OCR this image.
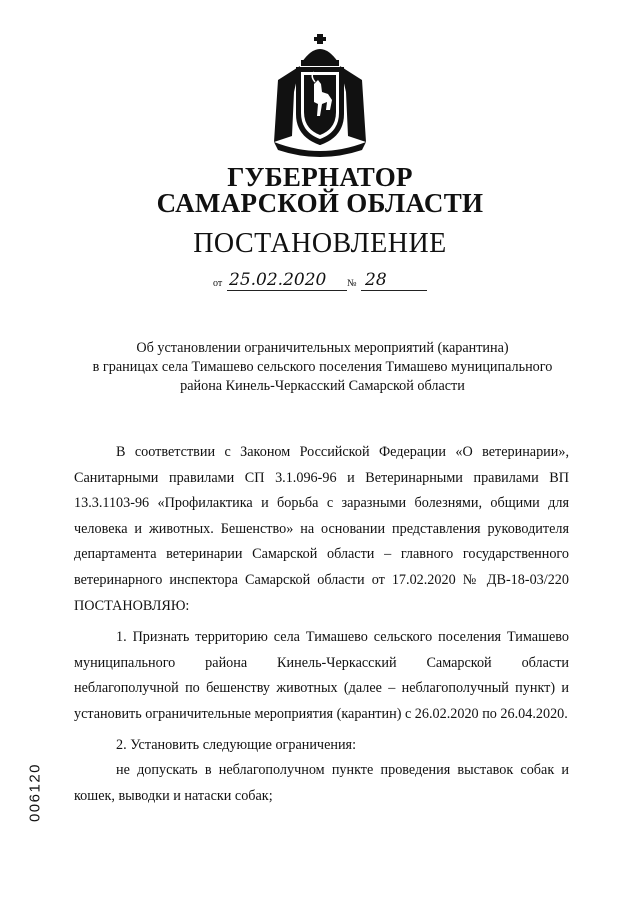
ГУБЕРНАТОР
САМАРСКОЙ ОБЛАСТИ
ПОСТАНОВЛЕНИЕ
от 25.02.2020	№ 28
Об установлении ограничительных мероприятий (карантина)
в границах села Тимашево сельского поселения Тимашево муниципального
района Кинель-Черкасский Самарской области

В соответствии с Законом Российской Федерации «О ветеринарии», Санитарными правилами СП 3.1.096-96 и Ветеринарными правилами ВП 13.3.1103-96 «Профилактика и борьба с заразными болезнями, общими для человека и животных. Бешенство» на основании представления руководителя департамента ветеринарии Самарской области – главного государственного ветеринарного инспектора Самарской области от 17.02.2020 № ДВ-18-03/220 ПОСТАНОВЛЯЮ:

1. Признать территорию села Тимашево сельского поселения Тимашево муниципального района Кинель-Черкасский Самарской области неблагополучной по бешенству животных (далее – неблагополучный пункт) и установить ограничительные мероприятия (карантин) с 26.02.2020 по 26.04.2020.

2. Установить следующие ограничения:

не допускать в неблагополучном пункте проведения выставок собак и кошек, выводки и натаски собак;

006120
